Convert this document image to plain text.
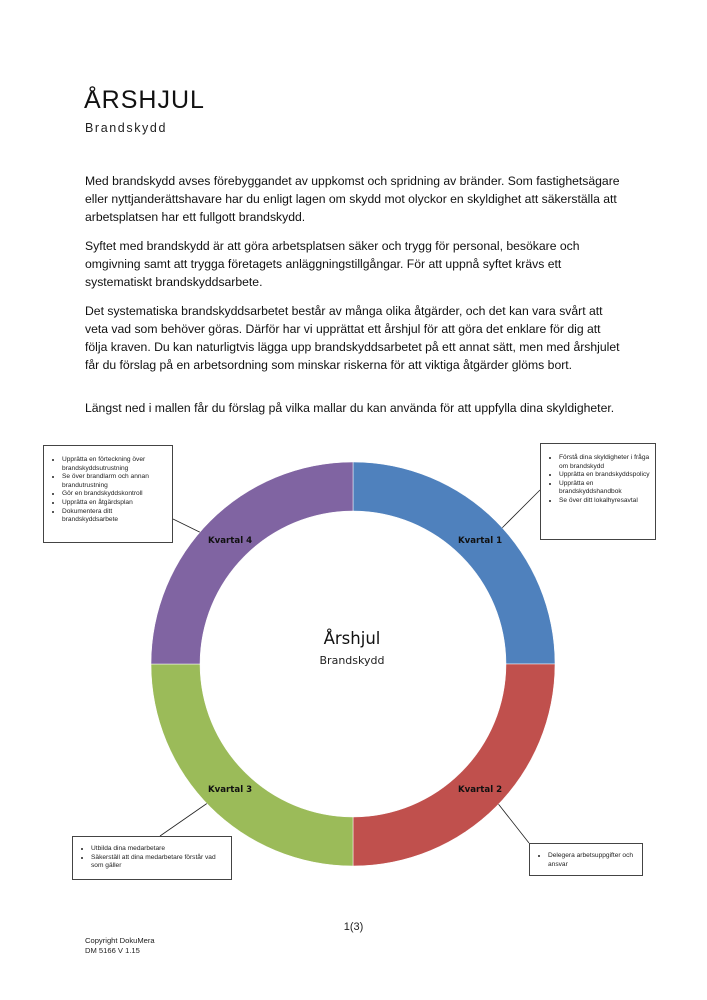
ÅRSHJUL
Brandskydd

Med brandskydd avses förebyggandet av uppkomst och spridning av bränder. Som fastighetsägare eller nyttjanderättshavare har du enligt lagen om skydd mot olyckor en skyldighet att säkerställa att arbetsplatsen har ett fullgott brandskydd.

Syftet med brandskydd är att göra arbetsplatsen säker och trygg för personal, besökare och omgivning samt att trygga företagets anläggningstillgångar. För att uppnå syftet krävs ett systematiskt brandskyddsarbete.

Det systematiska brandskyddsarbetet består av många olika åtgärder, och det kan vara svårt att veta vad som behöver göras. Därför har vi upprättat ett årshjul för att göra det enklare för dig att följa kraven. Du kan naturligtvis lägga upp brandskyddsarbetet på ett annat sätt, men med årshjulet får du förslag på en arbetsordning som minskar riskerna för att viktiga åtgärder glöms bort.

Längst ned i mallen får du förslag på vilka mallar du kan använda för att uppfylla dina skyldigheter.

Kvartal 1
Kvartal 2
Kvartal 3
Kvartal 4
Årshjul
Brandskydd
• Upprätta en förteckning över brandskyddsutrustning
• Se över brandlarm och annan brandutrustning
• Gör en brandskyddskontroll
• Upprätta en åtgärdsplan
• Dokumentera ditt brandskyddsarbete
• Förstå dina skyldigheter i fråga om brandskydd
• Upprätta en brandskyddspolicy
• Upprätta en brandskyddshandbok
• Se över ditt lokalhyresavtal
• Utbilda dina medarbetare
• Säkerställ att dina medarbetare förstår vad som gäller
• Delegera arbetsuppgifter och ansvar
1(3)
Copyright DokuMera
DM 5166 V 1.15
